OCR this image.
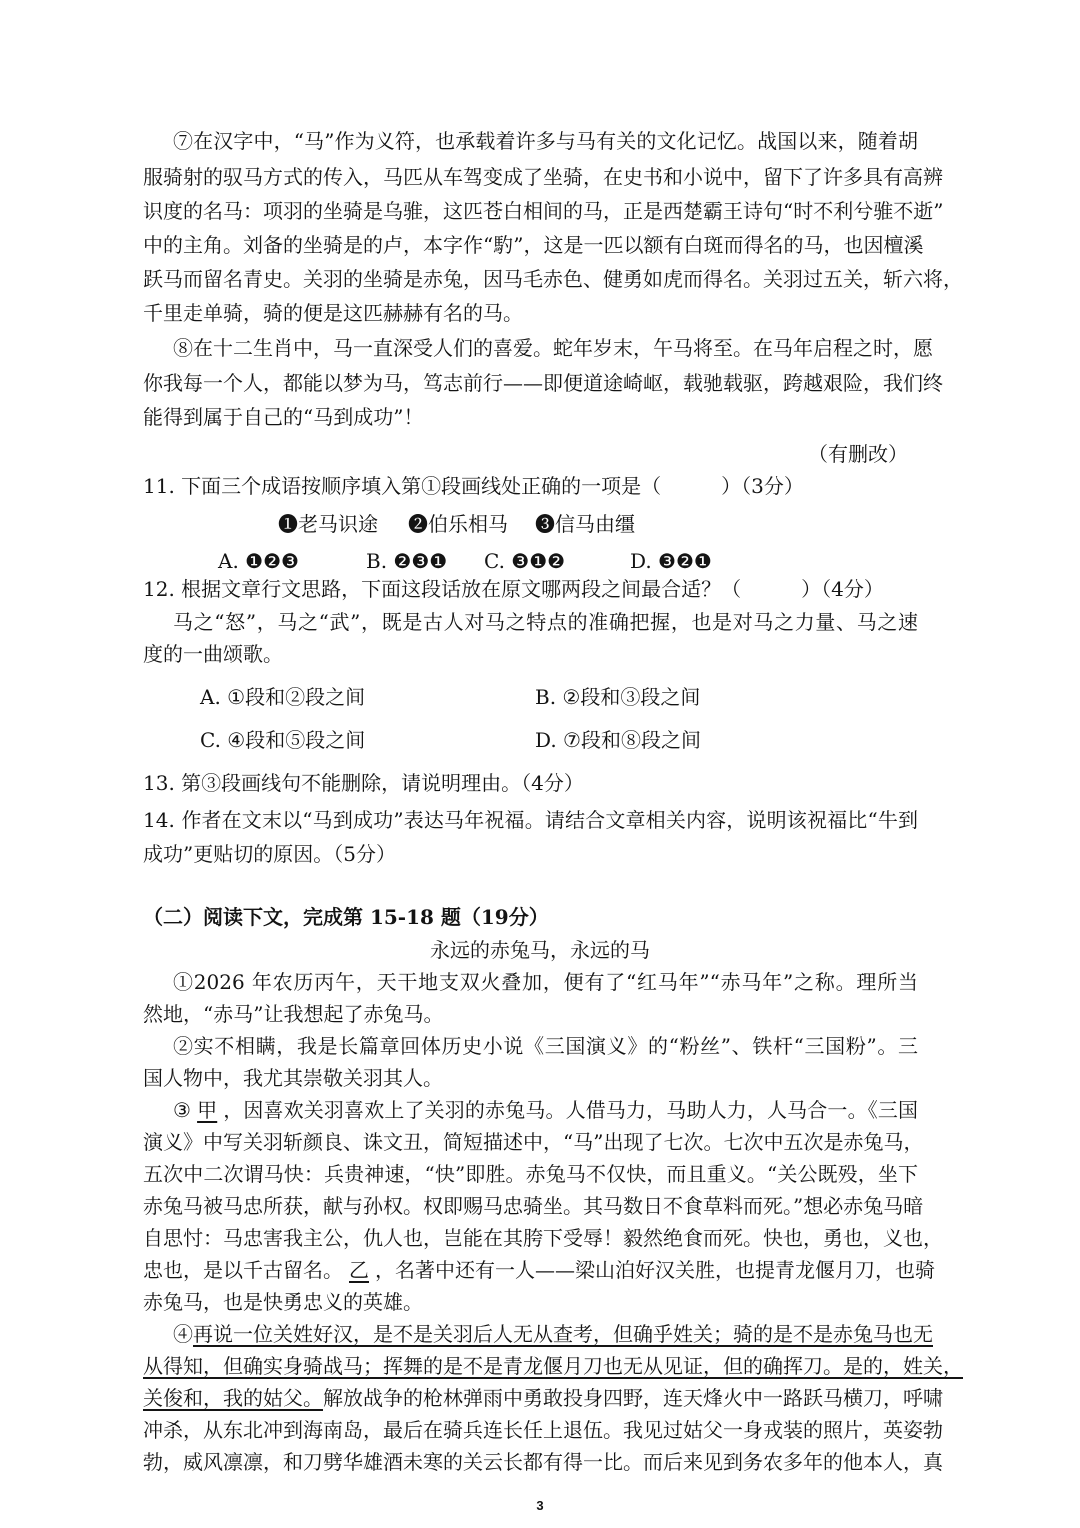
⑦在汉字中，“马”作为义符，也承载着许多与马有关的文化记忆。战国以来，随着胡

服骑射的驭马方式的传入，马匹从车驾变成了坐骑，在史书和小说中，留下了许多具有高辨

识度的名马：项羽的坐骑是乌骓，这匹苍白相间的马，正是西楚霸王诗句“时不利兮骓不逝”

中的主角。刘备的坐骑是的卢，本字作“馰”，这是一匹以额有白斑而得名的马，也因檀溪

跃马而留名青史。关羽的坐骑是赤兔，因马毛赤色、健勇如虎而得名。关羽过五关，斩六将，

千里走单骑，骑的便是这匹赫赫有名的马。

⑧在十二生肖中，马一直深受人们的喜爱。蛇年岁末，午马将至。在马年启程之时，愿

你我每一个人，都能以梦为马，笃志前行——即便道途崎岖，载驰载驱，跨越艰险，我们终

能得到属于自己的“马到成功”！

（有删改）

11. 下面三个成语按顺序填入第①段画线处正确的一项是（　　　）（3分）

❶老马识途 ❷伯乐相马 ❸信马由缰

A. ❶❷❸	B. ❷❸❶ C. ❸❶❷	D. ❸❷❶

12. 根据文章行文思路，下面这段话放在原文哪两段之间最合适？（　　　）（4分）

马之“怒”，马之“武”，既是古人对马之特点的准确把握，也是对马之力量、马之速

度的一曲颂歌。

A. ①段和②段之间	B. ②段和③段之间

C. ④段和⑤段之间	D. ⑦段和⑧段之间

13. 第③段画线句不能删除，请说明理由。（4分）

14. 作者在文末以“马到成功”表达马年祝福。请结合文章相关内容，说明该祝福比“牛到

成功”更贴切的原因。（5分）

（二）阅读下文，完成第 15-18 题（19分）

永远的赤兔马，永远的马

①2026 年农历丙午，天干地支双火叠加，便有了“红马年”“赤马年”之称。理所当

然地，“赤马”让我想起了赤兔马。

②实不相瞒，我是长篇章回体历史小说《三国演义》的“粉丝”、铁杆“三国粉”。三

国人物中，我尤其崇敬关羽其人。

③ 甲 ，因喜欢关羽喜欢上了关羽的赤兔马。人借马力，马助人力，人马合一。《三国

演义》中写关羽斩颜良、诛文丑，简短描述中，“马”出现了七次。七次中五次是赤兔马，

五次中二次谓马快：兵贵神速，“快”即胜。赤兔马不仅快，而且重义。“关公既殁，坐下

赤兔马被马忠所获，献与孙权。权即赐马忠骑坐。其马数日不食草料而死。”想必赤兔马暗

自思忖：马忠害我主公，仇人也，岂能在其胯下受辱！毅然绝食而死。快也，勇也，义也，

忠也，是以千古留名。 乙 ，名著中还有一人——梁山泊好汉关胜，也提青龙偃月刀，也骑

赤兔马，也是快勇忠义的英雄。

④再说一位关姓好汉，是不是关羽后人无从查考，但确乎姓关；骑的是不是赤兔马也无

从得知，但确实身骑战马；挥舞的是不是青龙偃月刀也无从见证，但的确挥刀。是的，姓关，

关俊和，我的姑父。解放战争的枪林弹雨中勇敢投身四野，连天烽火中一路跃马横刀，呼啸

3

冲杀，从东北冲到海南岛，最后在骑兵连长任上退伍。我见过姑父一身戎装的照片，英姿勃

勃，威风凛凛，和刀劈华雄酒未寒的关云长都有得一比。而后来见到务农多年的他本人，真
